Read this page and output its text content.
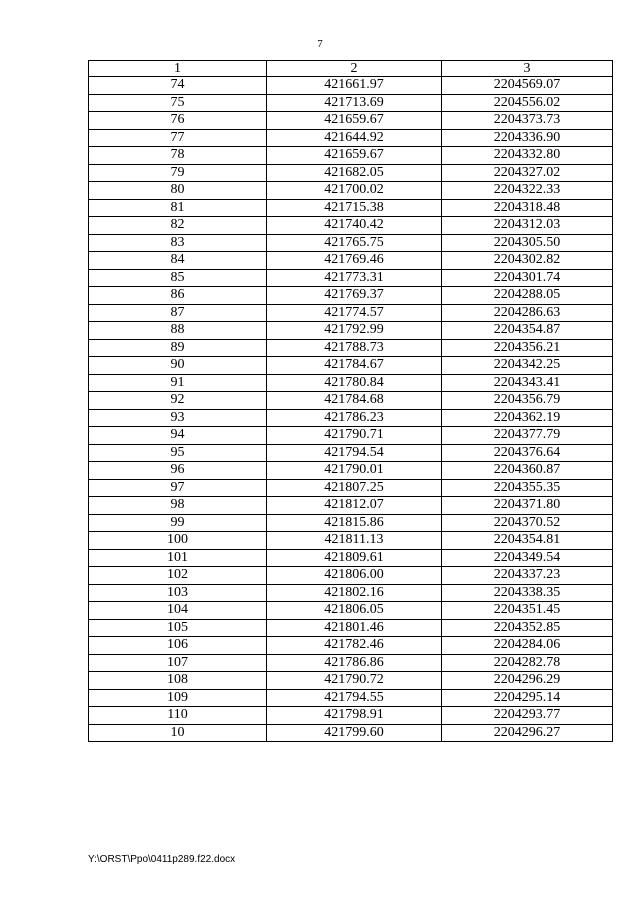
7
1	2	3
74	421661.97	2204569.07
75	421713.69	2204556.02
76	421659.67	2204373.73
77	421644.92	2204336.90
78	421659.67	2204332.80
79	421682.05	2204327.02
80	421700.02	2204322.33
81	421715.38	2204318.48
82	421740.42	2204312.03
83	421765.75	2204305.50
84	421769.46	2204302.82
85	421773.31	2204301.74
86	421769.37	2204288.05
87	421774.57	2204286.63
88	421792.99	2204354.87
89	421788.73	2204356.21
90	421784.67	2204342.25
91	421780.84	2204343.41
92	421784.68	2204356.79
93	421786.23	2204362.19
94	421790.71	2204377.79
95	421794.54	2204376.64
96	421790.01	2204360.87
97	421807.25	2204355.35
98	421812.07	2204371.80
99	421815.86	2204370.52
100	421811.13	2204354.81
101	421809.61	2204349.54
102	421806.00	2204337.23
103	421802.16	2204338.35
104	421806.05	2204351.45
105	421801.46	2204352.85
106	421782.46	2204284.06
107	421786.86	2204282.78
108	421790.72	2204296.29
109	421794.55	2204295.14
110	421798.91	2204293.77
10	421799.60	2204296.27
Y:\ORST\Ppo\0411p289.f22.docx
